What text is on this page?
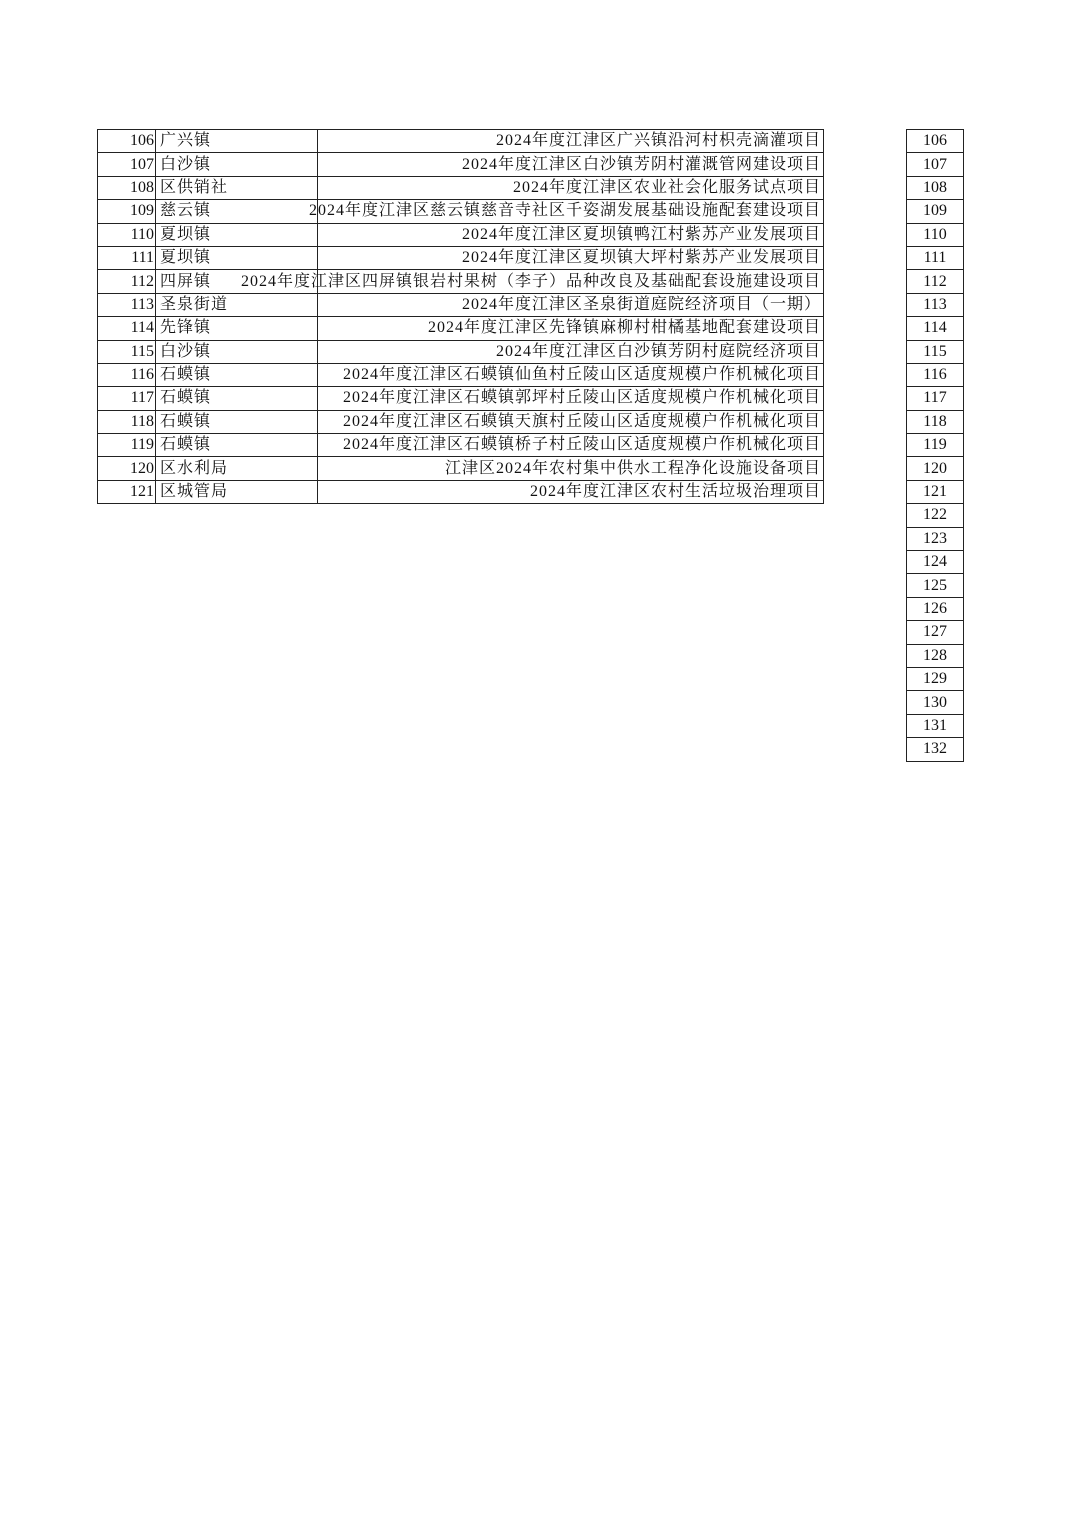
106	广兴镇	2024年度江津区广兴镇沿河村枳壳滴灌项目
107	白沙镇	2024年度江津区白沙镇芳阴村灌溉管网建设项目
108	区供销社	2024年度江津区农业社会化服务试点项目
109	慈云镇	2024年度江津区慈云镇慈音寺社区千姿湖发展基础设施配套建设项目
110	夏坝镇	2024年度江津区夏坝镇鸭江村紫苏产业发展项目
111	夏坝镇	2024年度江津区夏坝镇大坪村紫苏产业发展项目
112	四屏镇	2024年度江津区四屏镇银岩村果树（李子）品种改良及基础配套设施建设项目
113	圣泉街道	2024年度江津区圣泉街道庭院经济项目（一期）
114	先锋镇	2024年度江津区先锋镇麻柳村柑橘基地配套建设项目
115	白沙镇	2024年度江津区白沙镇芳阴村庭院经济项目
116	石蟆镇	2024年度江津区石蟆镇仙鱼村丘陵山区适度规模户作机械化项目
117	石蟆镇	2024年度江津区石蟆镇郭坪村丘陵山区适度规模户作机械化项目
118	石蟆镇	2024年度江津区石蟆镇天旗村丘陵山区适度规模户作机械化项目
119	石蟆镇	2024年度江津区石蟆镇桥子村丘陵山区适度规模户作机械化项目
120	区水利局	江津区2024年农村集中供水工程净化设施设备项目
121	区城管局	2024年度江津区农村生活垃圾治理项目
106
107
108
109
110
111
112
113
114
115
116
117
118
119
120
121
122
123
124
125
126
127
128
129
130
131
132
